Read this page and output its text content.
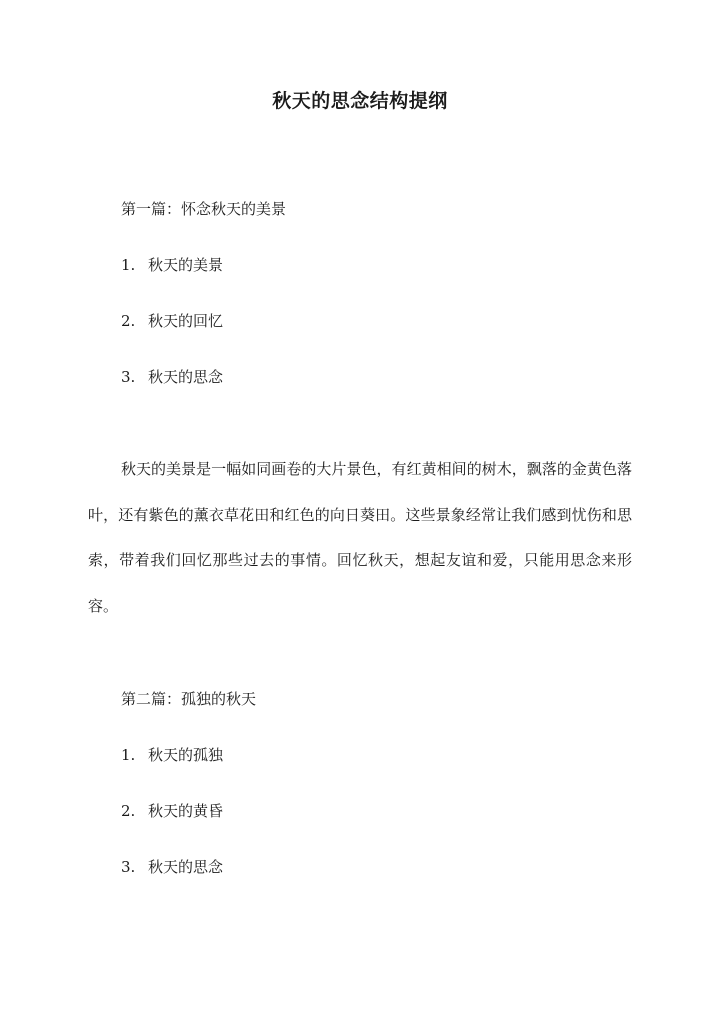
秋天的思念结构提纲
第一篇：怀念秋天的美景
1. 秋天的美景
2. 秋天的回忆
3. 秋天的思念

秋天的美景是一幅如同画卷的大片景色，有红黄相间的树木，飘落的金黄色落叶，还有紫色的薰衣草花田和红色的向日葵田。这些景象经常让我们感到忧伤和思索，带着我们回忆那些过去的事情。回忆秋天，想起友谊和爱，只能用思念来形容。

第二篇：孤独的秋天
1. 秋天的孤独
2. 秋天的黄昏
3. 秋天的思念
